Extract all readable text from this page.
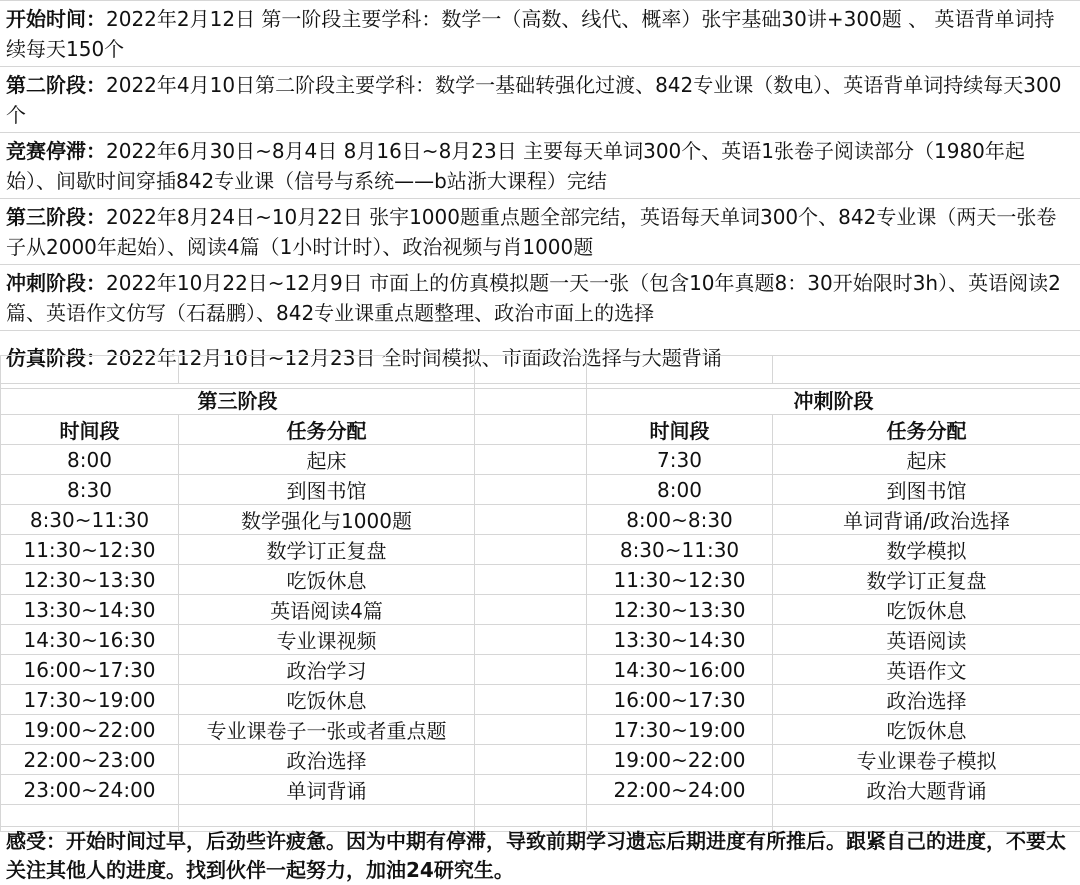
开始时间：2022年2月12日 第一阶段主要学科：数学一（高数、线代、概率）张宇基础30讲+300题 、 英语背单词持续每天150个
第二阶段：2022年4月10日第二阶段主要学科：数学一基础转强化过渡、842专业课（数电）、英语背单词持续每天300个
竞赛停滞：2022年6月30日~8月4日 8月16日~8月23日 主要每天单词300个、英语1张卷子阅读部分（1980年起始）、间歇时间穿插842专业课（信号与系统——b站浙大课程）完结
第三阶段：2022年8月24日~10月22日 张宇1000题重点题全部完结，英语每天单词300个、842专业课（两天一张卷子从2000年起始）、阅读4篇（1小时计时）、政治视频与肖1000题
冲刺阶段：2022年10月22日~12月9日 市面上的仿真模拟题一天一张（包含10年真题8：30开始限时3h）、英语阅读2篇、英语作文仿写（石磊鹏）、842专业课重点题整理、政治市面上的选择
仿真阶段：2022年12月10日~12月23日 全时间模拟、市面政治选择与大题背诵

第三阶段			冲刺阶段	
时间段	任务分配		时间段	任务分配
8:00	起床		7:30	起床
8:30	到图书馆		8:00	到图书馆
8:30~11:30	数学强化与1000题		8:00~8:30	单词背诵/政治选择
11:30~12:30	数学订正复盘		8:30~11:30	数学模拟
12:30~13:30	吃饭休息		11:30~12:30	数学订正复盘
13:30~14:30	英语阅读4篇		12:30~13:30	吃饭休息
14:30~16:30	专业课视频		13:30~14:30	英语阅读
16:00~17:30	政治学习		14:30~16:00	英语作文
17:30~19:00	吃饭休息		16:00~17:30	政治选择
19:00~22:00	专业课卷子一张或者重点题		17:30~19:00	吃饭休息
22:00~23:00	政治选择		19:00~22:00	专业课卷子模拟
23:00~24:00	单词背诵		22:00~24:00	政治大题背诵

感受：开始时间过早，后劲些许疲惫。因为中期有停滞，导致前期学习遗忘后期进度有所推后。跟紧自己的进度，不要太关注其他人的进度。找到伙伴一起努力，加油24研究生。
